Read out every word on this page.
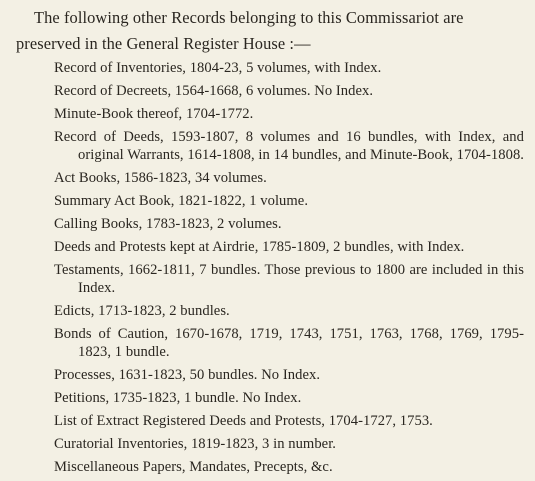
The following other Records belonging to this Commissariot are preserved in the General Register House :—

Record of Inventories, 1804-23, 5 volumes, with Index.
Record of Decreets, 1564-1668, 6 volumes. No Index.
Minute-Book thereof, 1704-1772.
Record of Deeds, 1593-1807, 8 volumes and 16 bundles, with Index, and original Warrants, 1614-1808, in 14 bundles, and Minute-Book, 1704-1808.
Act Books, 1586-1823, 34 volumes.
Summary Act Book, 1821-1822, 1 volume.
Calling Books, 1783-1823, 2 volumes.
Deeds and Protests kept at Airdrie, 1785-1809, 2 bundles, with Index.
Testaments, 1662-1811, 7 bundles. Those previous to 1800 are included in this Index.
Edicts, 1713-1823, 2 bundles.
Bonds of Caution, 1670-1678, 1719, 1743, 1751, 1763, 1768, 1769, 1795-1823, 1 bundle.
Processes, 1631-1823, 50 bundles. No Index.
Petitions, 1735-1823, 1 bundle. No Index.
List of Extract Registered Deeds and Protests, 1704-1727, 1753.
Curatorial Inventories, 1819-1823, 3 in number.
Miscellaneous Papers, Mandates, Precepts, &c.
